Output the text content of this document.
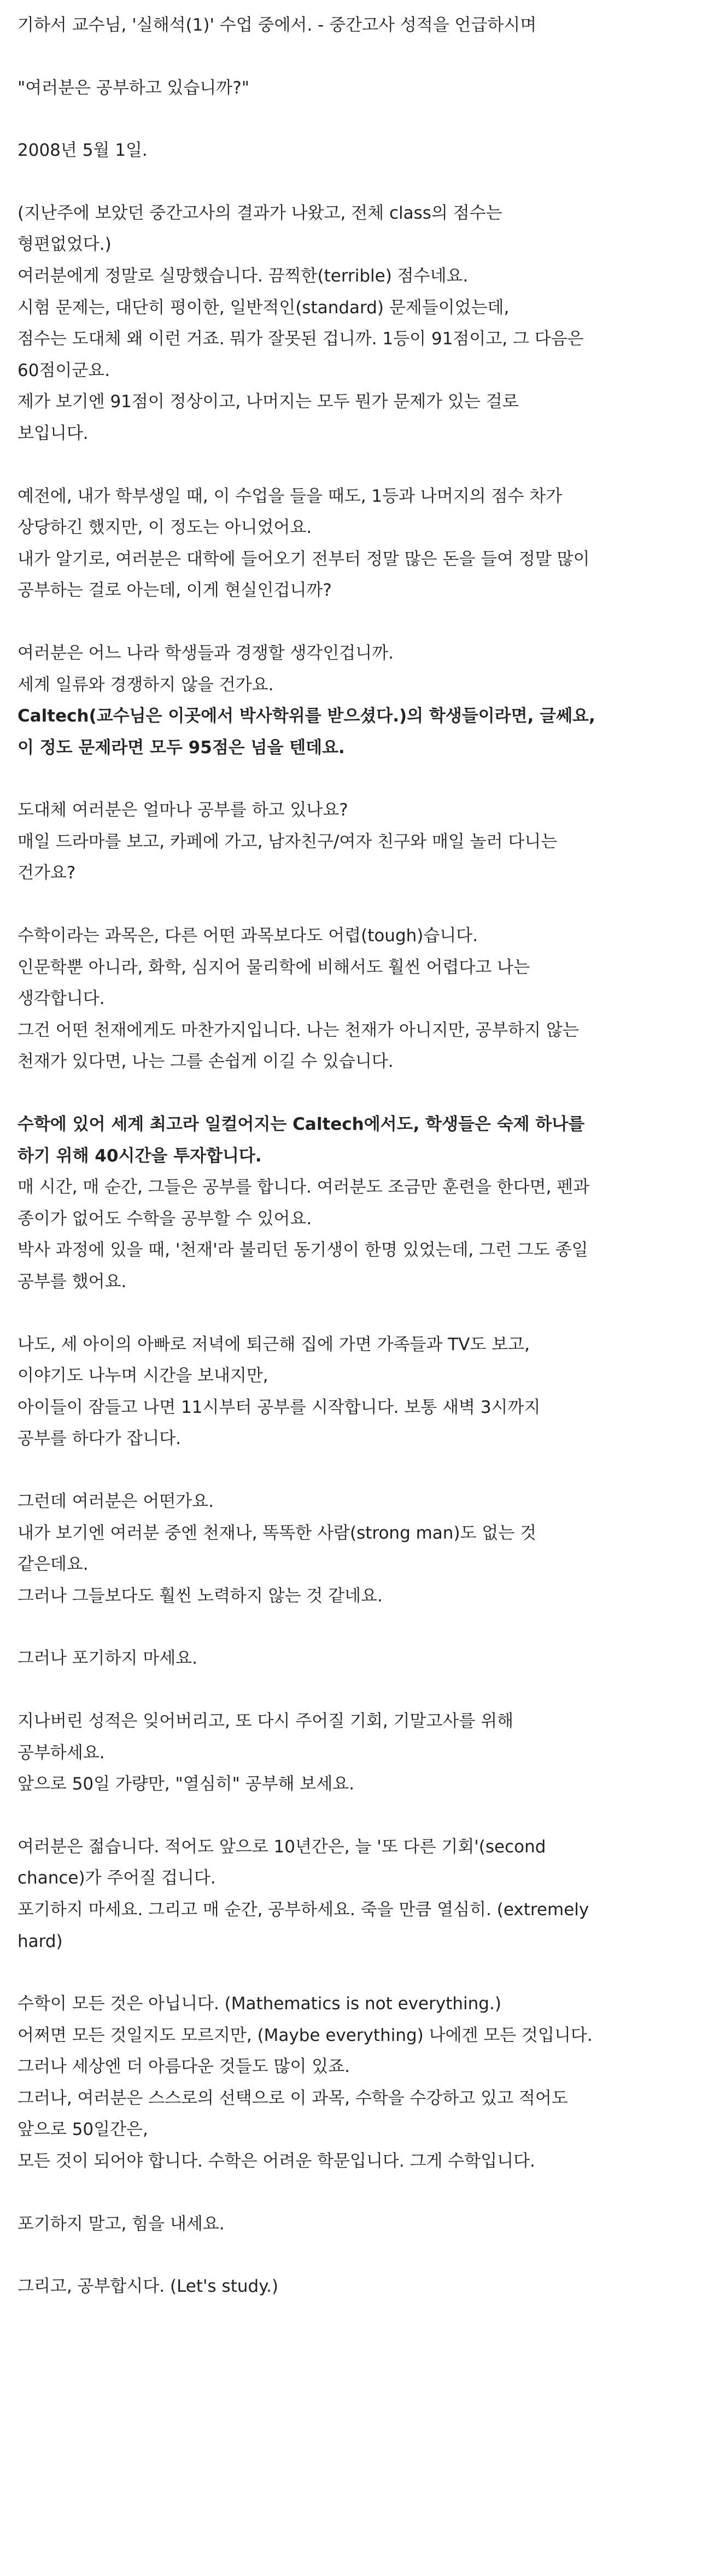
기하서 교수님, '실해석(1)' 수업 중에서. - 중간고사 성적을 언급하시며
"여러분은 공부하고 있습니까?"
2008년 5월 1일.
(지난주에 보았던 중간고사의 결과가 나왔고, 전체 class의 점수는
형편없었다.)
여러분에게 정말로 실망했습니다. 끔찍한(terrible) 점수네요.
시험 문제는, 대단히 평이한, 일반적인(standard) 문제들이었는데,
점수는 도대체 왜 이런 거죠. 뭐가 잘못된 겁니까. 1등이 91점이고, 그 다음은
60점이군요.
제가 보기엔 91점이 정상이고, 나머지는 모두 뭔가 문제가 있는 걸로
보입니다.
예전에, 내가 학부생일 때, 이 수업을 들을 때도, 1등과 나머지의 점수 차가
상당하긴 했지만, 이 정도는 아니었어요.
내가 알기로, 여러분은 대학에 들어오기 전부터 정말 많은 돈을 들여 정말 많이
공부하는 걸로 아는데, 이게 현실인겁니까?
여러분은 어느 나라 학생들과 경쟁할 생각인겁니까.
세계 일류와 경쟁하지 않을 건가요.
Caltech(교수님은 이곳에서 박사학위를 받으셨다.)의 학생들이라면, 글쎄요,
이 정도 문제라면 모두 95점은 넘을 텐데요.
도대체 여러분은 얼마나 공부를 하고 있나요?
매일 드라마를 보고, 카페에 가고, 남자친구/여자 친구와 매일 놀러 다니는
건가요?
수학이라는 과목은, 다른 어떤 과목보다도 어렵(tough)습니다.
인문학뿐 아니라, 화학, 심지어 물리학에 비해서도 훨씬 어렵다고 나는
생각합니다.
그건 어떤 천재에게도 마찬가지입니다. 나는 천재가 아니지만, 공부하지 않는
천재가 있다면, 나는 그를 손쉽게 이길 수 있습니다.
수학에 있어 세계 최고라 일컬어지는 Caltech에서도, 학생들은 숙제 하나를
하기 위해 40시간을 투자합니다.
매 시간, 매 순간, 그들은 공부를 합니다. 여러분도 조금만 훈련을 한다면, 펜과
종이가 없어도 수학을 공부할 수 있어요.
박사 과정에 있을 때, '천재'라 불리던 동기생이 한명 있었는데, 그런 그도 종일
공부를 했어요.
나도, 세 아이의 아빠로 저녁에 퇴근해 집에 가면 가족들과 TV도 보고,
이야기도 나누며 시간을 보내지만,
아이들이 잠들고 나면 11시부터 공부를 시작합니다. 보통 새벽 3시까지
공부를 하다가 잡니다.
그런데 여러분은 어떤가요.
내가 보기엔 여러분 중엔 천재나, 똑똑한 사람(strong man)도 없는 것
같은데요.
그러나 그들보다도 훨씬 노력하지 않는 것 같네요.
그러나 포기하지 마세요.
지나버린 성적은 잊어버리고, 또 다시 주어질 기회, 기말고사를 위해
공부하세요.
앞으로 50일 가량만, "열심히" 공부해 보세요.
여러분은 젊습니다. 적어도 앞으로 10년간은, 늘 '또 다른 기회'(second
chance)가 주어질 겁니다.
포기하지 마세요. 그리고 매 순간, 공부하세요. 죽을 만큼 열심히. (extremely
hard)
수학이 모든 것은 아닙니다. (Mathematics is not everything.)
어쩌면 모든 것일지도 모르지만, (Maybe everything) 나에겐 모든 것입니다.
그러나 세상엔 더 아름다운 것들도 많이 있죠.
그러나, 여러분은 스스로의 선택으로 이 과목, 수학을 수강하고 있고 적어도
앞으로 50일간은,
모든 것이 되어야 합니다. 수학은 어려운 학문입니다. 그게 수학입니다.
포기하지 말고, 힘을 내세요.
그리고, 공부합시다. (Let's study.)
